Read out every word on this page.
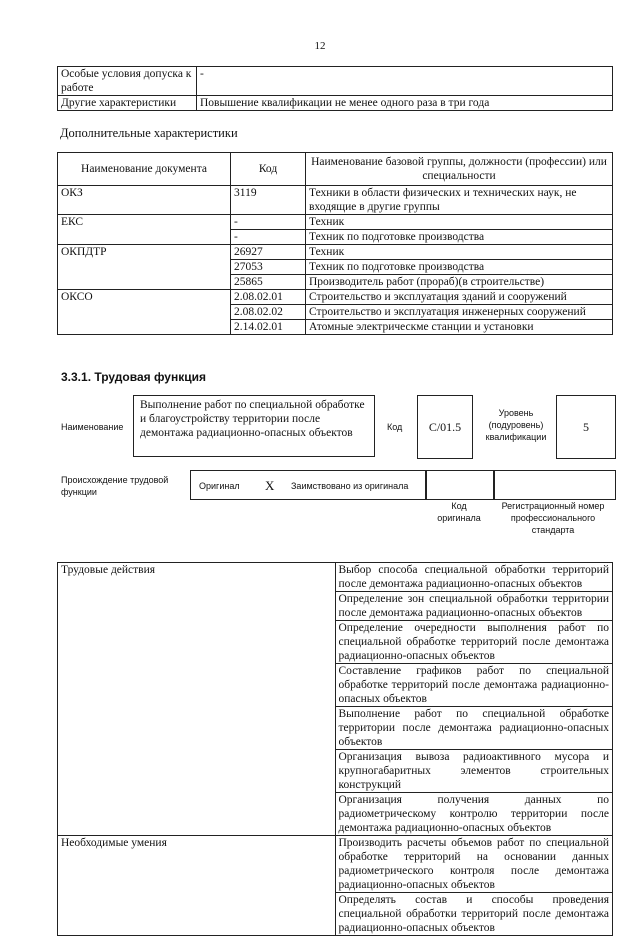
12
Особые условия допуска к работе	-
Другие характеристики	Повышение квалификации не менее одного раза в три года
Дополнительные характеристики
Наименование документа	Код	Наименование базовой группы, должности (профессии) или специальности
ОКЗ	3119	Техники в области физических и технических наук, не входящие в другие группы
ЕКС	-	Техник
	-	Техник по подготовке производства
ОКПДТР	26927	Техник
	27053	Техник по подготовке производства
	25865	Производитель работ (прораб)(в строительстве)
ОКСО	2.08.02.01	Строительство и эксплуатация зданий и сооружений
	2.08.02.02	Строительство и эксплуатация инженерных сооружений
	2.14.02.01	Атомные электрическме станции и установки
3.3.1. Трудовая функция
Наименование
Выполнение работ по специальной обработке и благоустройству территории после демонтажа радиационно-опасных объектов	Код	С/01.5
Уровень (подуровень) квалификации
5
Происхождение трудовой функции
Оригинал X Заимствовано из оригинала
Код оригинала
Регистрационный номер профессионального стандарта
Трудовые действия	Выбор способа специальной обработки территорий после демонтажа радиационно-опасных объектов
	Определение зон специальной обработки территории после демонтажа радиационно-опасных объектов
	Определение очередности выполнения работ по специальной обработке территорий после демонтажа радиационно-опасных объектов
	Составление графиков работ по специальной обработке территорий после демонтажа радиационно-опасных объектов
	Выполнение работ по специальной обработке территории после демонтажа радиационно-опасных объектов
	Организация вывоза радиоактивного мусора и крупногабаритных элементов строительных конструкций
	Организация получения данных по радиометрическому контролю территории после демонтажа радиационно-опасных объектов
Необходимые умения	Производить расчеты объемов работ по специальной обработке территорий на основании данных радиометрического контроля после демонтажа радиационно-опасных объектов
	Определять состав и способы проведения специальной обработки территорий после демонтажа радиационно-опасных объектов
